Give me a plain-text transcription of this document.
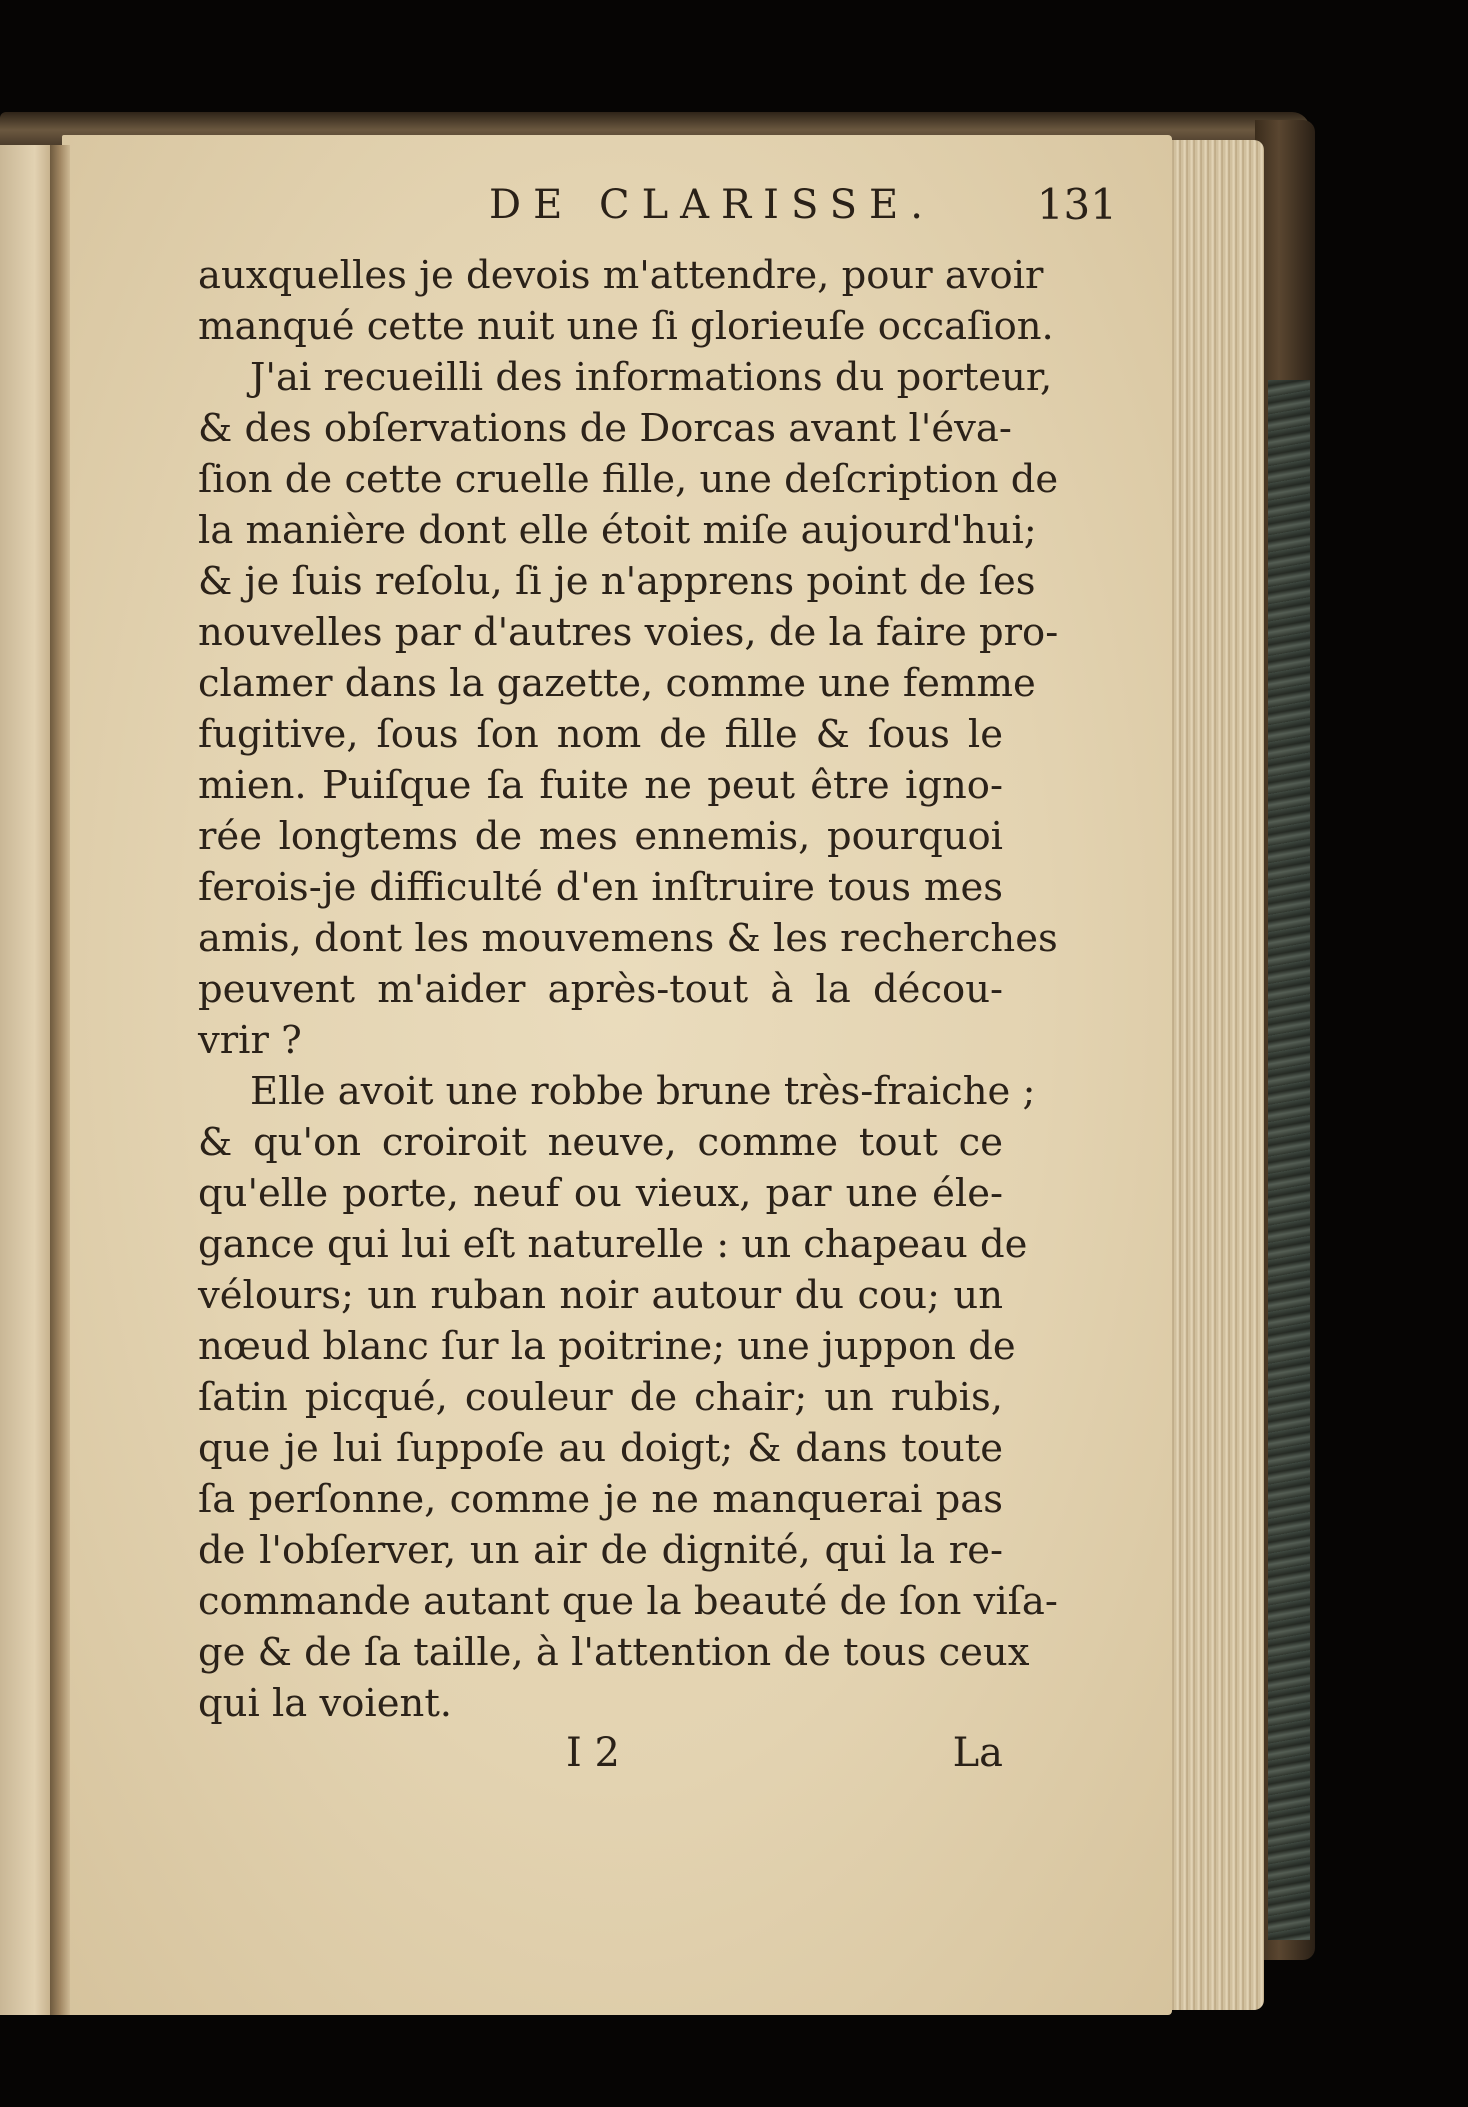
DE CLARISSE.	131
auxquelles je devois m'attendre, pour avoir
manqué cette nuit une ſi glorieuſe occaſion.
J'ai recueilli des informations du porteur,
& des obſervations de Dorcas avant l'éva-
ſion de cette cruelle fille, une deſcription de
la manière dont elle étoit miſe aujourd'hui;
& je ſuis reſolu, ſi je n'apprens point de ſes
nouvelles par d'autres voies, de la faire pro-
clamer dans la gazette, comme une femme
fugitive, ſous ſon nom de fille & ſous le
mien. Puiſque ſa fuite ne peut être igno-
rée longtems de mes ennemis, pourquoi
ferois-je difficulté d'en inſtruire tous mes
amis, dont les mouvemens & les recherches
peuvent m'aider après-tout à la décou-
vrir ?
Elle avoit une robbe brune très-fraiche ;
& qu'on croiroit neuve, comme tout ce
qu'elle porte, neuf ou vieux, par une éle-
gance qui lui eſt naturelle : un chapeau de
vélours; un ruban noir autour du cou; un
nœud blanc ſur la poitrine; une juppon de
ſatin picqué, couleur de chair; un rubis,
que je lui ſuppoſe au doigt; & dans toute
ſa perſonne, comme je ne manquerai pas
de l'obſerver, un air de dignité, qui la re-
commande autant que la beauté de ſon viſa-
ge & de ſa taille, à l'attention de tous ceux
qui la voient.
I 2	La
